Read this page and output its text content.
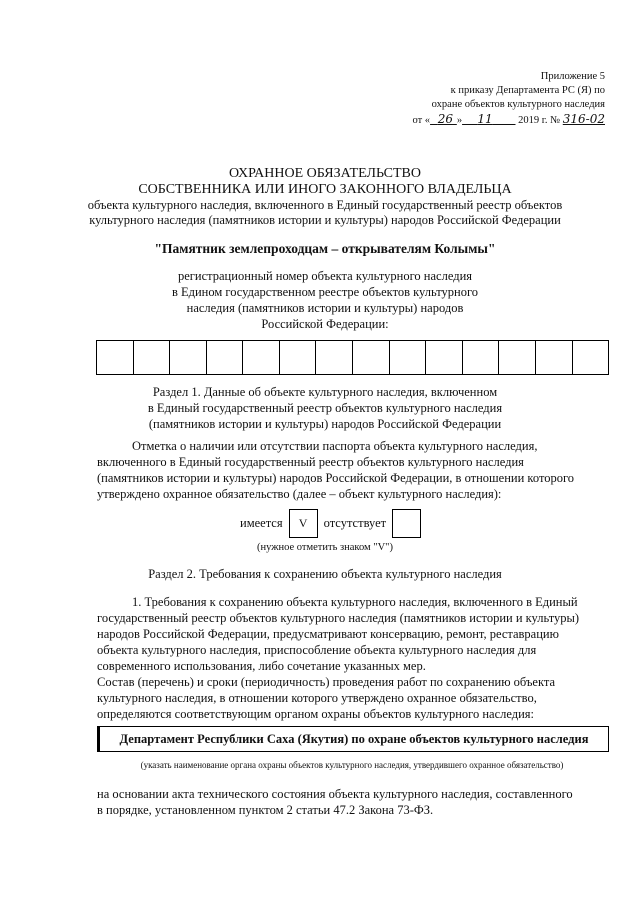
Приложение 5
к приказу Департамента РС (Я) по
охране объектов культурного наследия
от « 26 » 11 2019 г. № 316-02
ОХРАННОЕ ОБЯЗАТЕЛЬСТВО
СОБСТВЕННИКА ИЛИ ИНОГО ЗАКОННОГО ВЛАДЕЛЬЦА
объекта культурного наследия, включенного в Единый государственный реестр объектов
культурного наследия (памятников истории и культуры) народов Российской Федерации
"Памятник землепроходцам – открывателям Колымы"
регистрационный номер объекта культурного наследия
в Едином государственном реестре объектов культурного
наследия (памятников истории и культуры) народов
Российской Федерации:
Раздел 1. Данные об объекте культурного наследия, включенном
в Единый государственный реестр объектов культурного наследия
(памятников истории и культуры) народов Российской Федерации
Отметка о наличии или отсутствии паспорта объекта культурного наследия,
включенного в Единый государственный реестр объектов культурного наследия
(памятников истории и культуры) народов Российской Федерации, в отношении которого
утверждено охранное обязательство (далее – объект культурного наследия):
имеется	V	отсутствует
(нужное отметить знаком "V")
Раздел 2. Требования к сохранению объекта культурного наследия
1. Требования к сохранению объекта культурного наследия, включенного в Единый
государственный реестр объектов культурного наследия (памятников истории и культуры)
народов Российской Федерации, предусматривают консервацию, ремонт, реставрацию
объекта культурного наследия, приспособление объекта культурного наследия для
современного использования, либо сочетание указанных мер.
Состав (перечень) и сроки (периодичность) проведения работ по сохранению объекта
культурного наследия, в отношении которого утверждено охранное обязательство,
определяются соответствующим органом охраны объектов культурного наследия:
Департамент Республики Саха (Якутия) по охране объектов культурного наследия
(указать наименование органа охраны объектов культурного наследия, утвердившего охранное обязательство)
на основании акта технического состояния объекта культурного наследия, составленного
в порядке, установленном пунктом 2 статьи 47.2 Закона 73-ФЗ.
